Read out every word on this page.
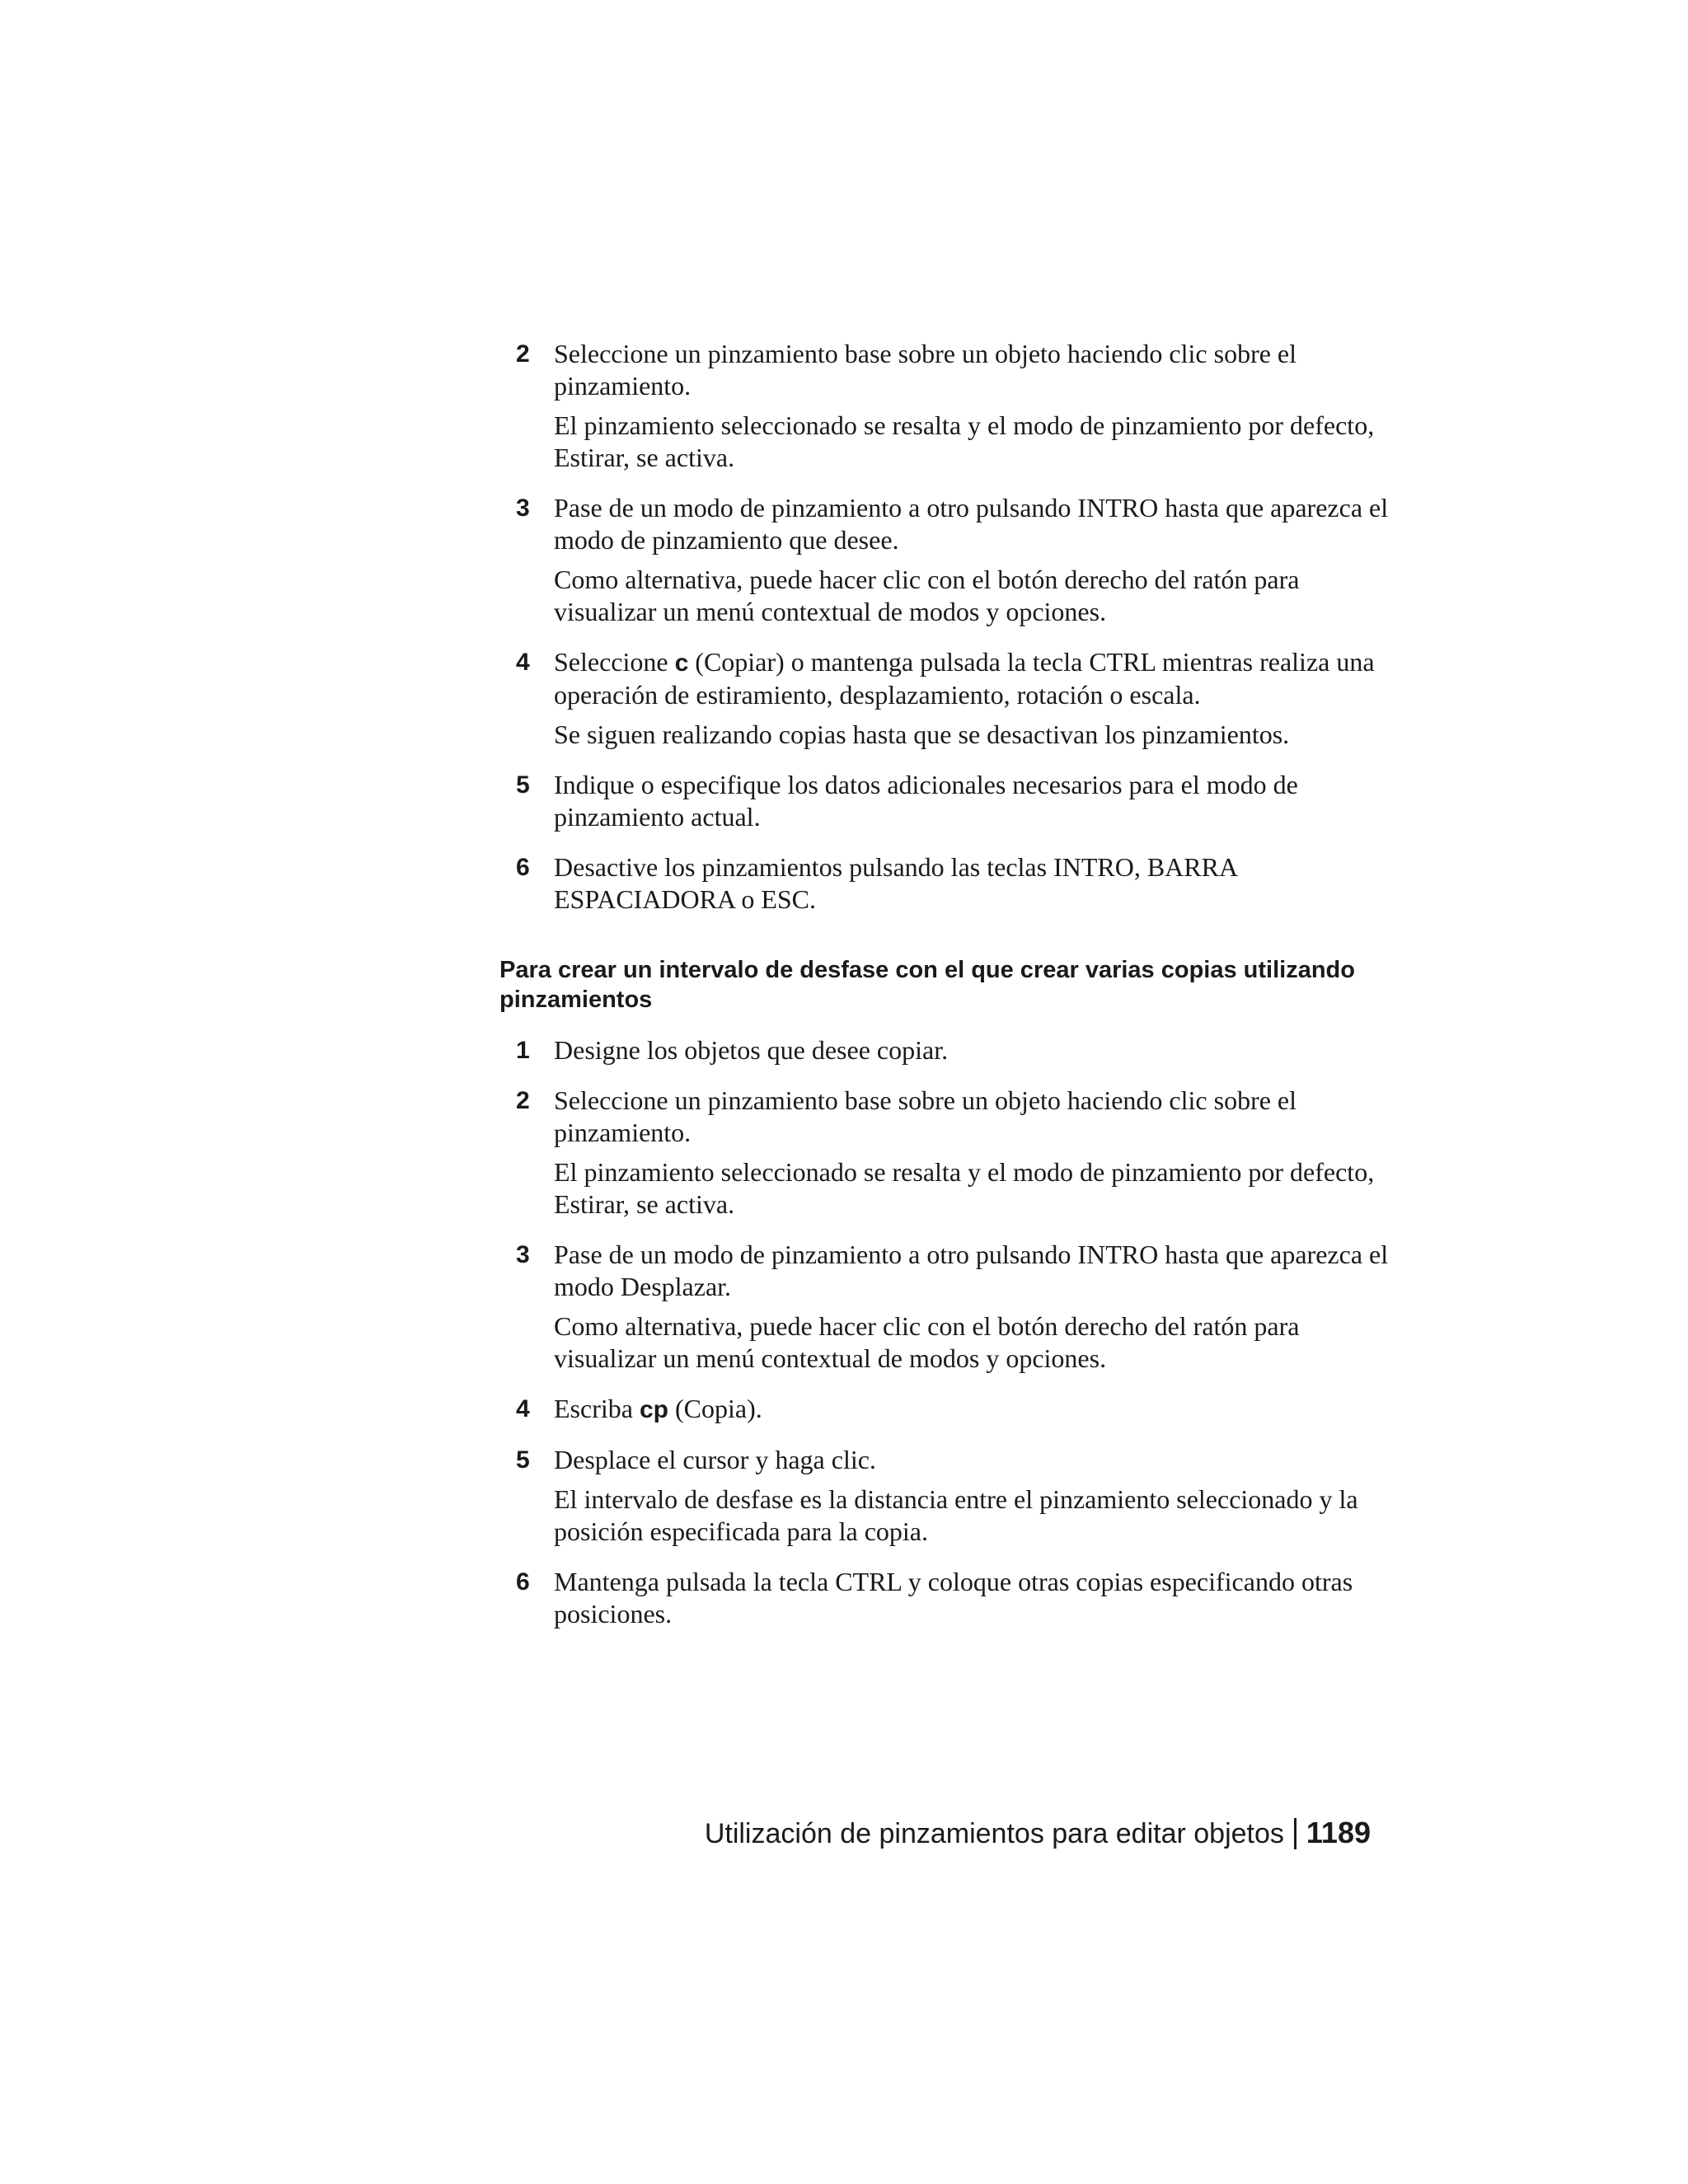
2 Seleccione un pinzamiento base sobre un objeto haciendo clic sobre el pinzamiento.

El pinzamiento seleccionado se resalta y el modo de pinzamiento por defecto, Estirar, se activa.

3 Pase de un modo de pinzamiento a otro pulsando INTRO hasta que aparezca el modo de pinzamiento que desee.

Como alternativa, puede hacer clic con el botón derecho del ratón para visualizar un menú contextual de modos y opciones.

4 Seleccione c (Copiar) o mantenga pulsada la tecla CTRL mientras realiza una operación de estiramiento, desplazamiento, rotación o escala.

Se siguen realizando copias hasta que se desactivan los pinzamientos.

5 Indique o especifique los datos adicionales necesarios para el modo de pinzamiento actual.

6 Desactive los pinzamientos pulsando las teclas INTRO, BARRA ESPACIADORA o ESC.

Para crear un intervalo de desfase con el que crear varias copias utilizando pinzamientos
1 Designe los objetos que desee copiar.

2 Seleccione un pinzamiento base sobre un objeto haciendo clic sobre el pinzamiento.

El pinzamiento seleccionado se resalta y el modo de pinzamiento por defecto, Estirar, se activa.

3 Pase de un modo de pinzamiento a otro pulsando INTRO hasta que aparezca el modo Desplazar.

Como alternativa, puede hacer clic con el botón derecho del ratón para visualizar un menú contextual de modos y opciones.

4 Escriba cp (Copia).

5 Desplace el cursor y haga clic.

El intervalo de desfase es la distancia entre el pinzamiento seleccionado y la posición especificada para la copia.

6 Mantenga pulsada la tecla CTRL y coloque otras copias especificando otras posiciones.

Utilización de pinzamientos para editar objetos 1189
